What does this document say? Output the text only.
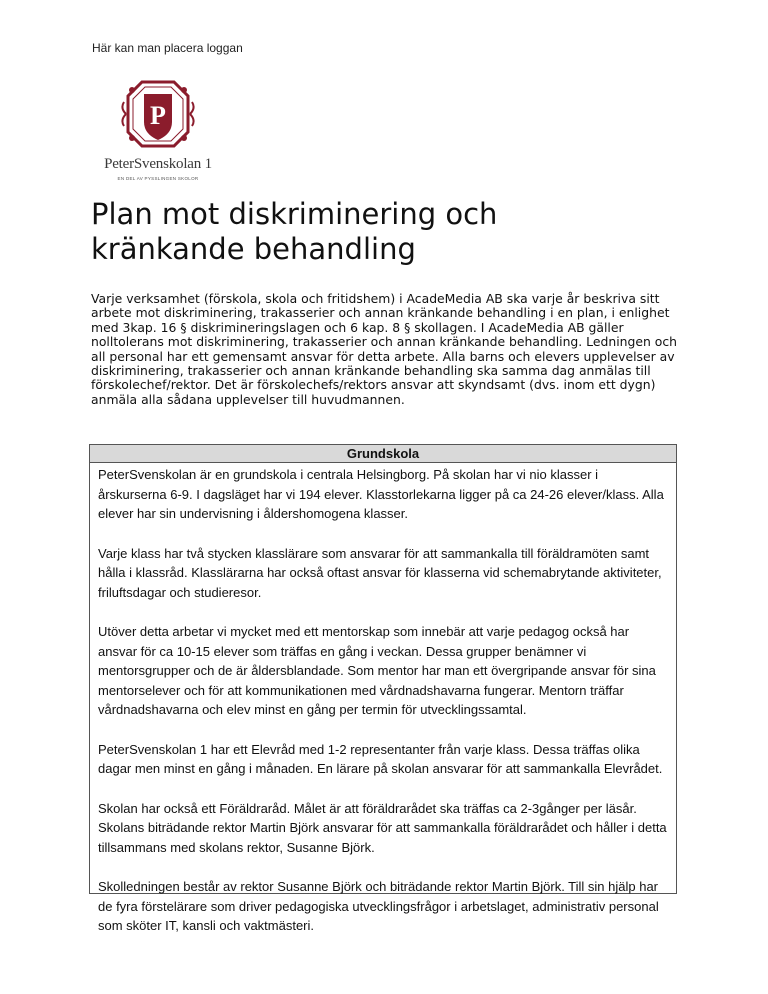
Här kan man placera loggan
P
PeterSvenskolan 1
EN DEL AV PYSSLINGEN SKOLOR
Plan mot diskriminering och
kränkande behandling

Varje verksamhet (förskola, skola och fritidshem) i AcadeMedia AB ska varje år beskriva sitt arbete mot diskriminering, trakasserier och annan kränkande behandling i en plan, i enlighet med 3kap. 16 § diskrimineringslagen och 6 kap. 8 § skollagen. I AcadeMedia AB gäller nolltolerans mot diskriminering, trakasserier och annan kränkande behandling. Ledningen och all personal har ett gemensamt ansvar för detta arbete. Alla barns och elevers upplevelser av diskriminering, trakasserier och annan kränkande behandling ska samma dag anmälas till förskolechef/rektor. Det är förskolechefs/rektors ansvar att skyndsamt (dvs. inom ett dygn) anmäla alla sådana upplevelser till huvudmannen.

Grundskola

PeterSvenskolan är en grundskola i centrala Helsingborg. På skolan har vi nio klasser i årskurserna 6-9. I dagsläget har vi 194 elever. Klasstorlekarna ligger på ca 24-26 elever/klass. Alla elever har sin undervisning i åldershomogena klasser.

Varje klass har två stycken klasslärare som ansvarar för att sammankalla till föräldramöten samt hålla i klassråd. Klasslärarna har också oftast ansvar för klasserna vid schemabrytande aktiviteter, friluftsdagar och studieresor.

Utöver detta arbetar vi mycket med ett mentorskap som innebär att varje pedagog också har ansvar för ca 10-15 elever som träffas en gång i veckan. Dessa grupper benämner vi mentorsgrupper och de är åldersblandade. Som mentor har man ett övergripande ansvar för sina mentorselever och för att kommunikationen med vårdnadshavarna fungerar. Mentorn träffar vårdnadshavarna och elev minst en gång per termin för utvecklingssamtal.

PeterSvenskolan 1 har ett Elevråd med 1-2 representanter från varje klass. Dessa träffas olika dagar men minst en gång i månaden. En lärare på skolan ansvarar för att sammankalla Elevrådet.

Skolan har också ett Föräldraråd. Målet är att föräldrarådet ska träffas ca 2-3gånger per läsår. Skolans biträdande rektor Martin Björk ansvarar för att sammankalla föräldrarådet och håller i detta tillsammans med skolans rektor, Susanne Björk.

Skolledningen består av rektor Susanne Björk och biträdande rektor Martin Björk. Till sin hjälp har de fyra förstelärare som driver pedagogiska utvecklingsfrågor i arbetslaget, administrativ personal som sköter IT, kansli och vaktmästeri.
